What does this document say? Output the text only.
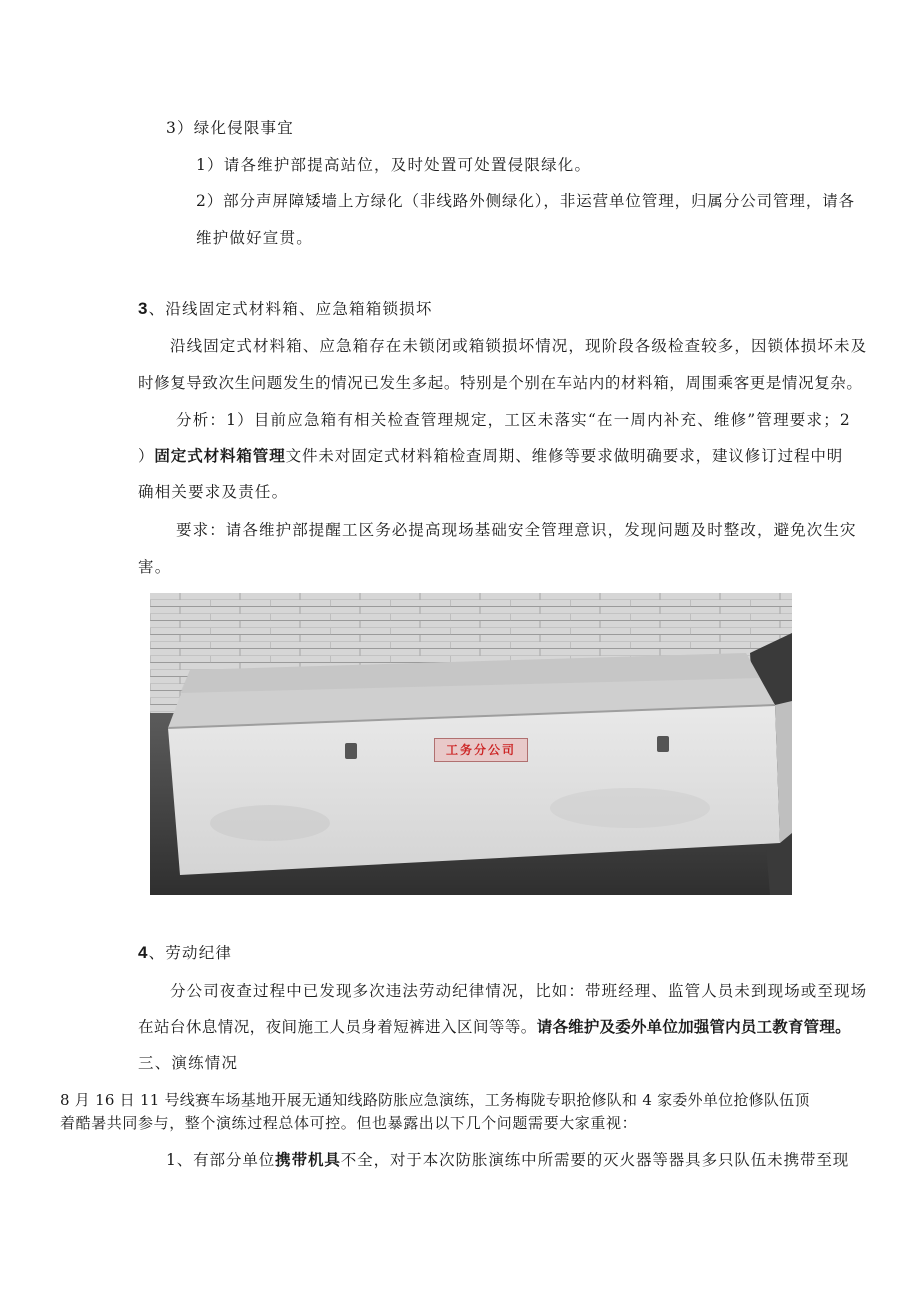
3）绿化侵限事宜
1）请各维护部提高站位，及时处置可处置侵限绿化。
2）部分声屏障矮墙上方绿化（非线路外侧绿化），非运营单位管理，归属分公司管理，请各
维护做好宣贯。
3、沿线固定式材料箱、应急箱箱锁损坏
沿线固定式材料箱、应急箱存在未锁闭或箱锁损坏情况，现阶段各级检查较多，因锁体损坏未及
时修复导致次生问题发生的情况已发生多起。特别是个别在车站内的材料箱，周围乘客更是情况复杂。
分析：1）目前应急箱有相关检查管理规定，工区未落实“在一周内补充、维修”管理要求；2
）固定式材料箱管理文件未对固定式材料箱检查周期、维修等要求做明确要求，建议修订过程中明
确相关要求及责任。
要求：请各维护部提醒工区务必提高现场基础安全管理意识，发现问题及时整改，避免次生灾
害。
工务分公司
4、劳动纪律
分公司夜查过程中已发现多次违法劳动纪律情况，比如：带班经理、监管人员未到现场或至现场
在站台休息情况，夜间施工人员身着短裤进入区间等等。请各维护及委外单位加强管内员工教育管理。
三、演练情况
8 月 16 日 11 号线赛车场基地开展无通知线路防胀应急演练，工务梅陇专职抢修队和 4 家委外单位抢修队伍顶
着酷暑共同参与，整个演练过程总体可控。但也暴露出以下几个问题需要大家重视：
1、有部分单位携带机具不全，对于本次防胀演练中所需要的灭火器等器具多只队伍未携带至现
